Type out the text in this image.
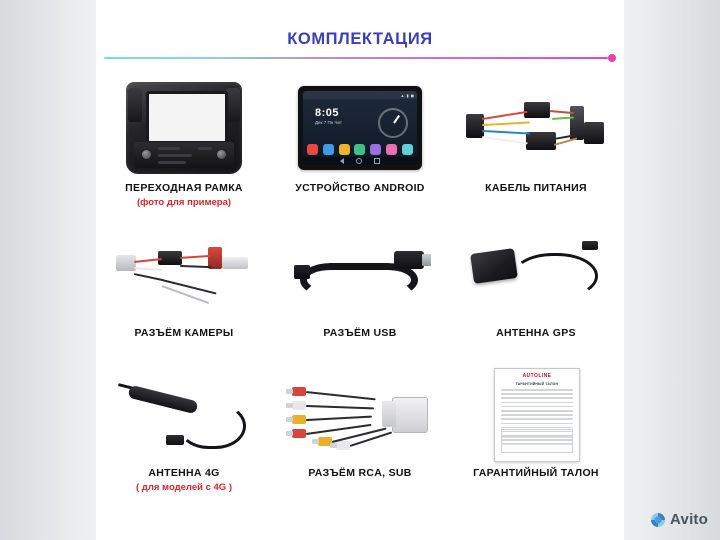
КОМПЛЕКТАЦИЯ
ПЕРЕХОДНАЯ РАМКА
(фото для примера)
▲ ▮ ◼
8:05
Дек 7 Пн Чет
УСТРОЙСТВО ANDROID	КАБЕЛЬ ПИТАНИЯ
РАЗЪЁМ КАМЕРЫ	РАЗЪЁМ USB	АНТЕННА GPS
АНТЕННА 4G
( для моделей с 4G )
РАЗЪЁМ RCA, SUB
AUTOLINE
ГАРАНТИЙНЫЙ ТАЛОН
ГАРАНТИЙНЫЙ ТАЛОН
Avito
